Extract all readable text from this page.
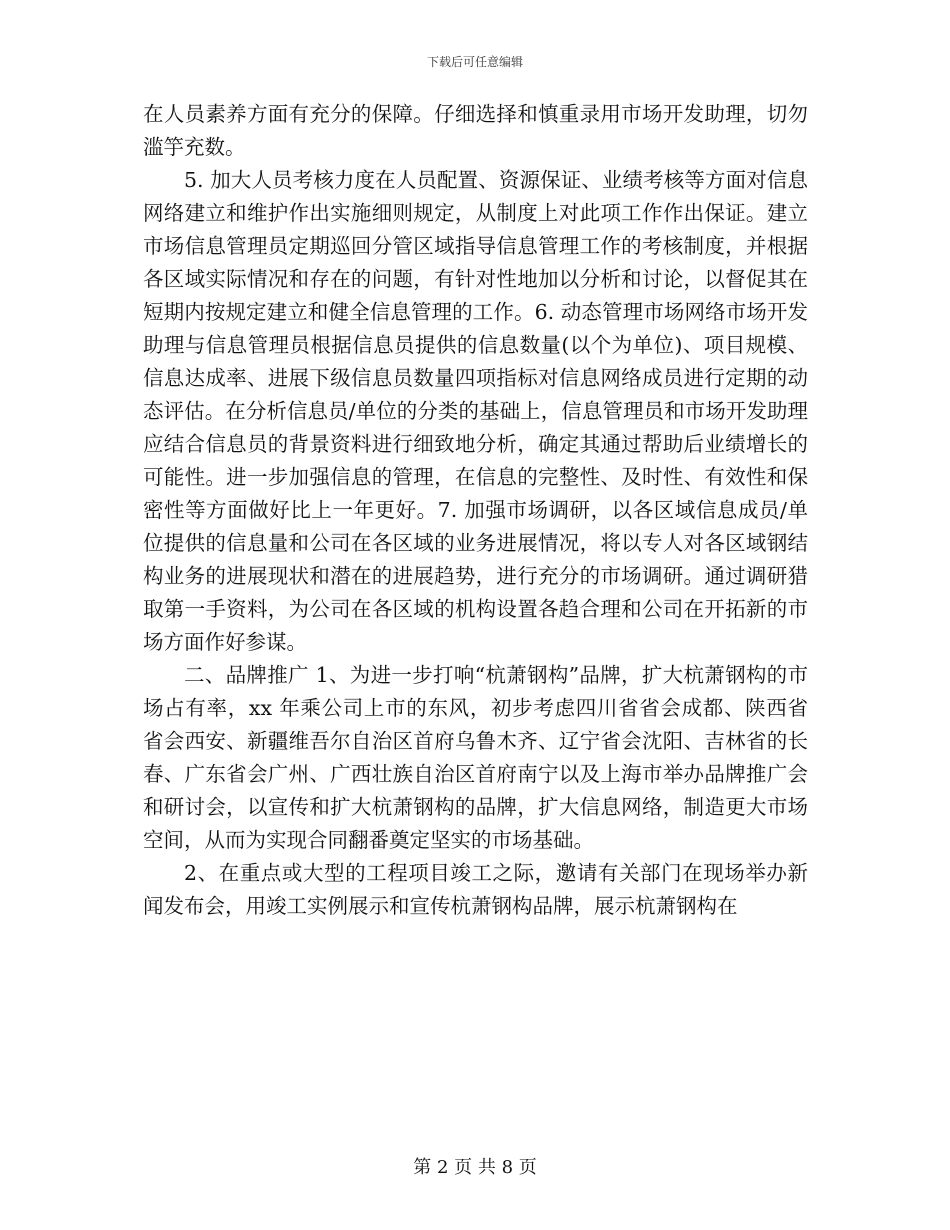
下载后可任意编辑

在人员素养方面有充分的保障。仔细选择和慎重录用市场开发助理，切勿滥竽充数。

5. 加大人员考核力度在人员配置、资源保证、业绩考核等方面对信息网络建立和维护作出实施细则规定，从制度上对此项工作作出保证。建立市场信息管理员定期巡回分管区域指导信息管理工作的考核制度，并根据各区域实际情况和存在的问题，有针对性地加以分析和讨论，以督促其在短期内按规定建立和健全信息管理的工作。6. 动态管理市场网络市场开发助理与信息管理员根据信息员提供的信息数量(以个为单位)、项目规模、信息达成率、进展下级信息员数量四项指标对信息网络成员进行定期的动态评估。在分析信息员/单位的分类的基础上，信息管理员和市场开发助理应结合信息员的背景资料进行细致地分析，确定其通过帮助后业绩增长的可能性。进一步加强信息的管理，在信息的完整性、及时性、有效性和保密性等方面做好比上一年更好。7. 加强市场调研，以各区域信息成员/单位提供的信息量和公司在各区域的业务进展情况，将以专人对各区域钢结构业务的进展现状和潜在的进展趋势，进行充分的市场调研。通过调研猎取第一手资料，为公司在各区域的机构设置各趋合理和公司在开拓新的市场方面作好参谋。

二、品牌推广 1、为进一步打响“杭萧钢构”品牌，扩大杭萧钢构的市场占有率，xx 年乘公司上市的东风，初步考虑四川省省会成都、陕西省省会西安、新疆维吾尔自治区首府乌鲁木齐、辽宁省会沈阳、吉林省的长春、广东省会广州、广西壮族自治区首府南宁以及上海市举办品牌推广会和研讨会，以宣传和扩大杭萧钢构的品牌，扩大信息网络，制造更大市场空间，从而为实现合同翻番奠定坚实的市场基础。

2、在重点或大型的工程项目竣工之际，邀请有关部门在现场举办新闻发布会，用竣工实例展示和宣传杭萧钢构品牌，展示杭萧钢构在

第 2 页 共 8 页
